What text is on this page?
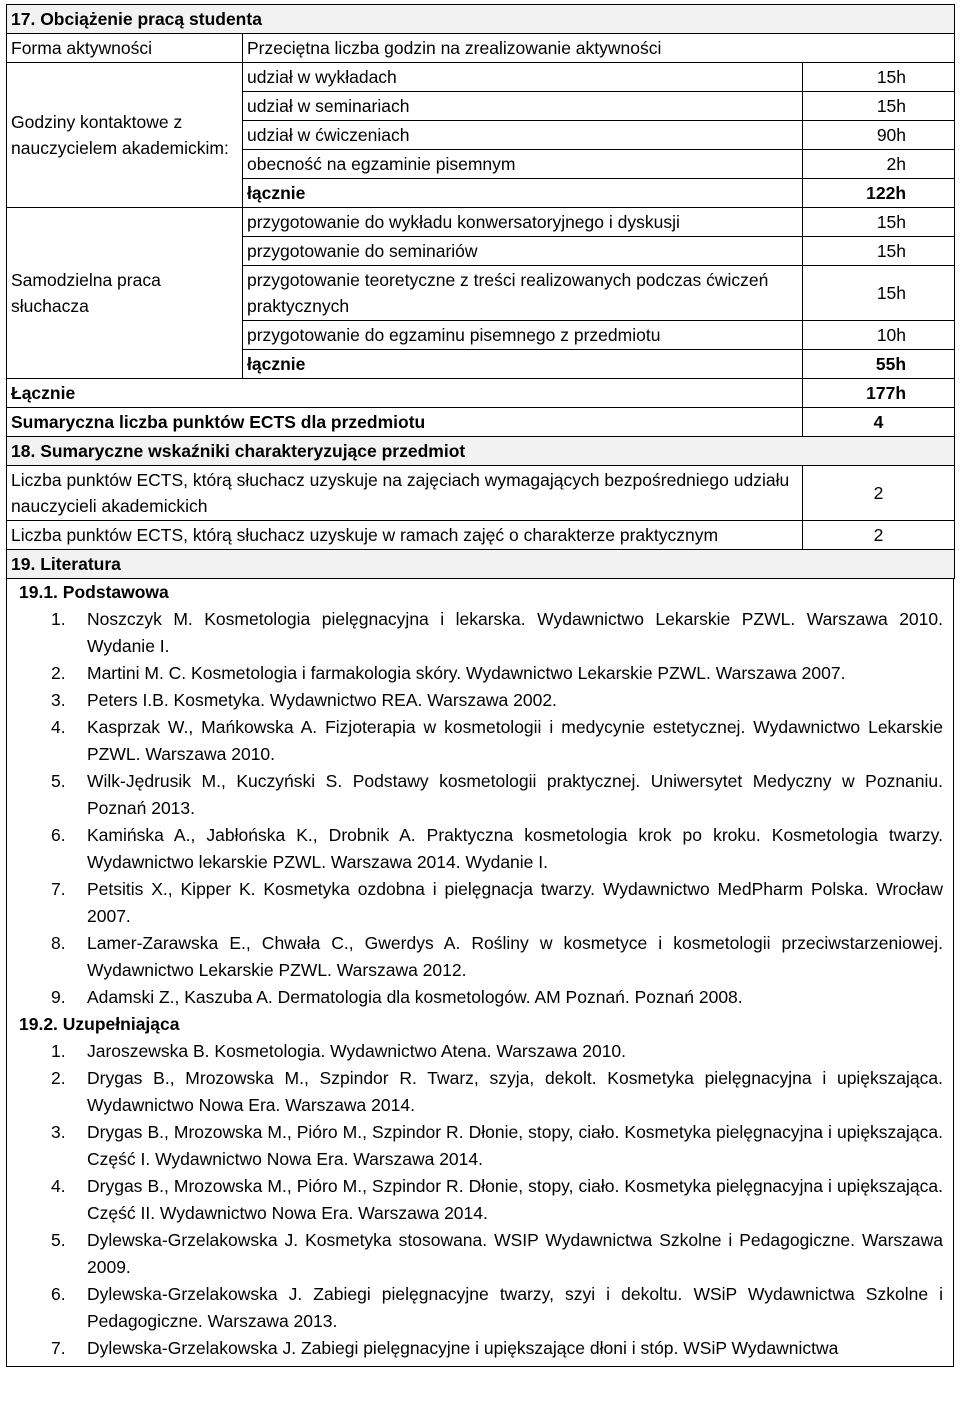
17. Obciążenie pracą studenta		
Forma aktywności	Przeciętna liczba godzin na zrealizowanie aktywności	
Godziny kontaktowe z nauczycielem akademickim:	udział w wykładach	15h
	udział w seminariach	15h
	udział w ćwiczeniach	90h
	obecność na egzaminie pisemnym	2h
	łącznie	122h
Samodzielna praca słuchacza	przygotowanie do wykładu konwersatoryjnego i dyskusji	15h
	przygotowanie do seminariów	15h
	przygotowanie teoretyczne z treści realizowanych podczas ćwiczeń praktycznych	15h
	przygotowanie do egzaminu pisemnego z przedmiotu	10h
	łącznie	55h
Łącznie		177h
Sumaryczna liczba punktów ECTS dla przedmiotu		4
18. Sumaryczne wskaźniki charakteryzujące przedmiot		
Liczba punktów ECTS, którą słuchacz uzyskuje na zajęciach wymagających bezpośredniego udziału nauczycieli akademickich		2
Liczba punktów ECTS, którą słuchacz uzyskuje w ramach zajęć o charakterze praktycznym		2
19. Literatura		
19.1. Podstawowa
1. Noszczyk M. Kosmetologia pielęgnacyjna i lekarska. Wydawnictwo Lekarskie PZWL. Warszawa 2010. Wydanie I.
2. Martini M. C. Kosmetologia i farmakologia skóry. Wydawnictwo Lekarskie PZWL. Warszawa 2007.
3. Peters I.B. Kosmetyka. Wydawnictwo REA. Warszawa 2002.
4. Kasprzak W., Mańkowska A. Fizjoterapia w kosmetologii i medycynie estetycznej. Wydawnictwo Lekarskie PZWL. Warszawa 2010.
5. Wilk-Jędrusik M., Kuczyński S. Podstawy kosmetologii praktycznej. Uniwersytet Medyczny w Poznaniu. Poznań 2013.
6. Kamińska A., Jabłońska K., Drobnik A. Praktyczna kosmetologia krok po kroku. Kosmetologia twarzy. Wydawnictwo lekarskie PZWL. Warszawa 2014. Wydanie I.
7. Petsitis X., Kipper K. Kosmetyka ozdobna i pielęgnacja twarzy. Wydawnictwo MedPharm Polska. Wrocław 2007.
8. Lamer-Zarawska E., Chwała C., Gwerdys A. Rośliny w kosmetyce i kosmetologii przeciwstarzeniowej. Wydawnictwo Lekarskie PZWL. Warszawa 2012.
9. Adamski Z., Kaszuba A. Dermatologia dla kosmetologów. AM Poznań. Poznań 2008.
19.2. Uzupełniająca
1. Jaroszewska B. Kosmetologia. Wydawnictwo Atena. Warszawa 2010.
2. Drygas B., Mrozowska M., Szpindor R. Twarz, szyja, dekolt. Kosmetyka pielęgnacyjna i upiększająca. Wydawnictwo Nowa Era. Warszawa 2014.
3. Drygas B., Mrozowska M., Pióro M., Szpindor R. Dłonie, stopy, ciało. Kosmetyka pielęgnacyjna i upiększająca. Część I. Wydawnictwo Nowa Era. Warszawa 2014.
4. Drygas B., Mrozowska M., Pióro M., Szpindor R. Dłonie, stopy, ciało. Kosmetyka pielęgnacyjna i upiększająca. Część II. Wydawnictwo Nowa Era. Warszawa 2014.
5. Dylewska-Grzelakowska J. Kosmetyka stosowana. WSIP Wydawnictwa Szkolne i Pedagogiczne. Warszawa 2009.
6. Dylewska-Grzelakowska J. Zabiegi pielęgnacyjne twarzy, szyi i dekoltu. WSiP Wydawnictwa Szkolne i Pedagogiczne. Warszawa 2013.
7. Dylewska-Grzelakowska J. Zabiegi pielęgnacyjne i upiększające dłoni i stóp. WSiP Wydawnictwa
